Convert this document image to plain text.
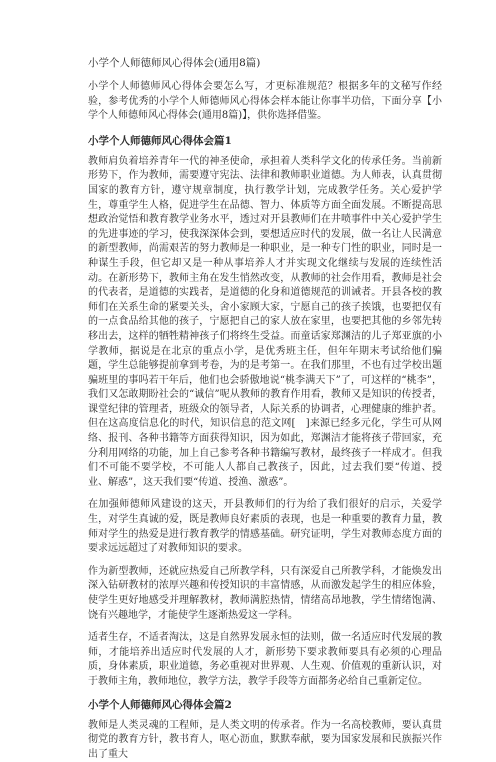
小学个人师德师风心得体会(通用8篇)

小学个人师德师风心得体会要怎么写，才更标准规范？根据多年的文秘写作经验，参考优秀的小学个人师德师风心得体会样本能让你事半功倍，下面分享【小学个人师德师风心得体会(通用8篇)】，供你选择借鉴。

小学个人师德师风心得体会篇1

教师肩负着培养青年一代的神圣使命，承担着人类科学文化的传承任务。当前新形势下，作为教师，需要遵守宪法、法律和教师职业道德。为人师表，认真贯彻国家的教育方针，遵守规章制度，执行教学计划，完成教学任务。关心爱护学生，尊重学生人格，促进学生在品德、智力、体质等方面全面发展。不断提高思想政治觉悟和教育教学业务水平，透过对开县教师们在井喷事件中关心爱护学生的先进事迹的学习，使我深深体会到，要想适应时代的发展，做一名让人民满意的新型教师，尚需艰苦的努力教师是一种职业，是一种专门性的职业，同时是一种谋生手段，但它却又是一种从事培养人才并实现文化继续与发展的连续性活动。在新形势下，教师主角在发生悄然改变，从教师的社会作用看，教师是社会的代表者，是道德的实践者，是道德的化身和道德规范的训诫者。开县各校的教师们在关系生命的紧要关头，舍小家顾大家，宁愿自己的孩子挨饿，也要把仅有的一点食品给其他的孩子，宁愿把自己的家人放在家里，也要把其他的乡邻先转移出去，这样的牺牲精神孩子们将终生受益。而童话家郑渊洁的儿子郑亚旗的小学教师，据说是在北京的重点小学，是优秀班主任，但年年期末考试给他们骗题，学生总能够提前拿到考卷，为的是考第一。在我们那里，不也有过学校出题骗班里的事吗若干年后，他们也会骄傲地说“桃李满天下”了，可这样的“桃李”，我们又怎敢期盼社会的“诚信”呢从教师的教育作用看，教师又是知识的传授者，课堂纪律的管理者，班级众的领导者，人际关系的协调者，心理健康的维护者。但在这高度信息化的时代，知识信息的范文网[　]来源已经多元化，学生可从网络、报刊、各种书籍等方面获得知识，因为如此，郑渊洁才能将孩子带回家，充分利用网络的功能，加上自己参考各种书籍编写教材，最终孩子一样成才。但我们不可能不要学校，不可能人人都自己教孩子，因此，过去我们要“传道、授业、解惑”，这天我们要“传道、授渔、激惑”。

在加强师德师风建设的这天，开县教师们的行为给了我们很好的启示，关爱学生，对学生真诚的爱，既是教师良好素质的表现，也是一种重要的教育力量，教师对学生的热爱是进行教育教学的情感基础。研究证明，学生对教师态度方面的要求远远超过了对教师知识的要求。

作为新型教师，还就应热爱自己所教学科，只有深爱自己所教学科，才能焕发出深入钻研教材的浓厚兴趣和传授知识的丰富情感，从而激发起学生的相应体验，使学生更好地感受并理解教材，教师满腔热情，情绪高昂地教，学生情绪饱满、饶有兴趣地学，才能使学生逐渐热爱这一学科。

适者生存，不适者淘汰，这是自然界发展永恒的法则，做一名适应时代发展的教师，才能培养出适应时代发展的人才，新形势下要求教师要具有必须的心理品质，身体素质，职业道德，务必重视对世界观、人生观、价值观的重新认识，对于教师主角，教师地位，教学方法，教学手段等方面都务必给自己重新定位。

小学个人师德师风心得体会篇2

教师是人类灵魂的工程师，是人类文明的传承者。作为一名高校教师，要认真贯彻党的教育方针，教书育人，呕心沥血，默默奉献，要为国家发展和民族振兴作出了重大
